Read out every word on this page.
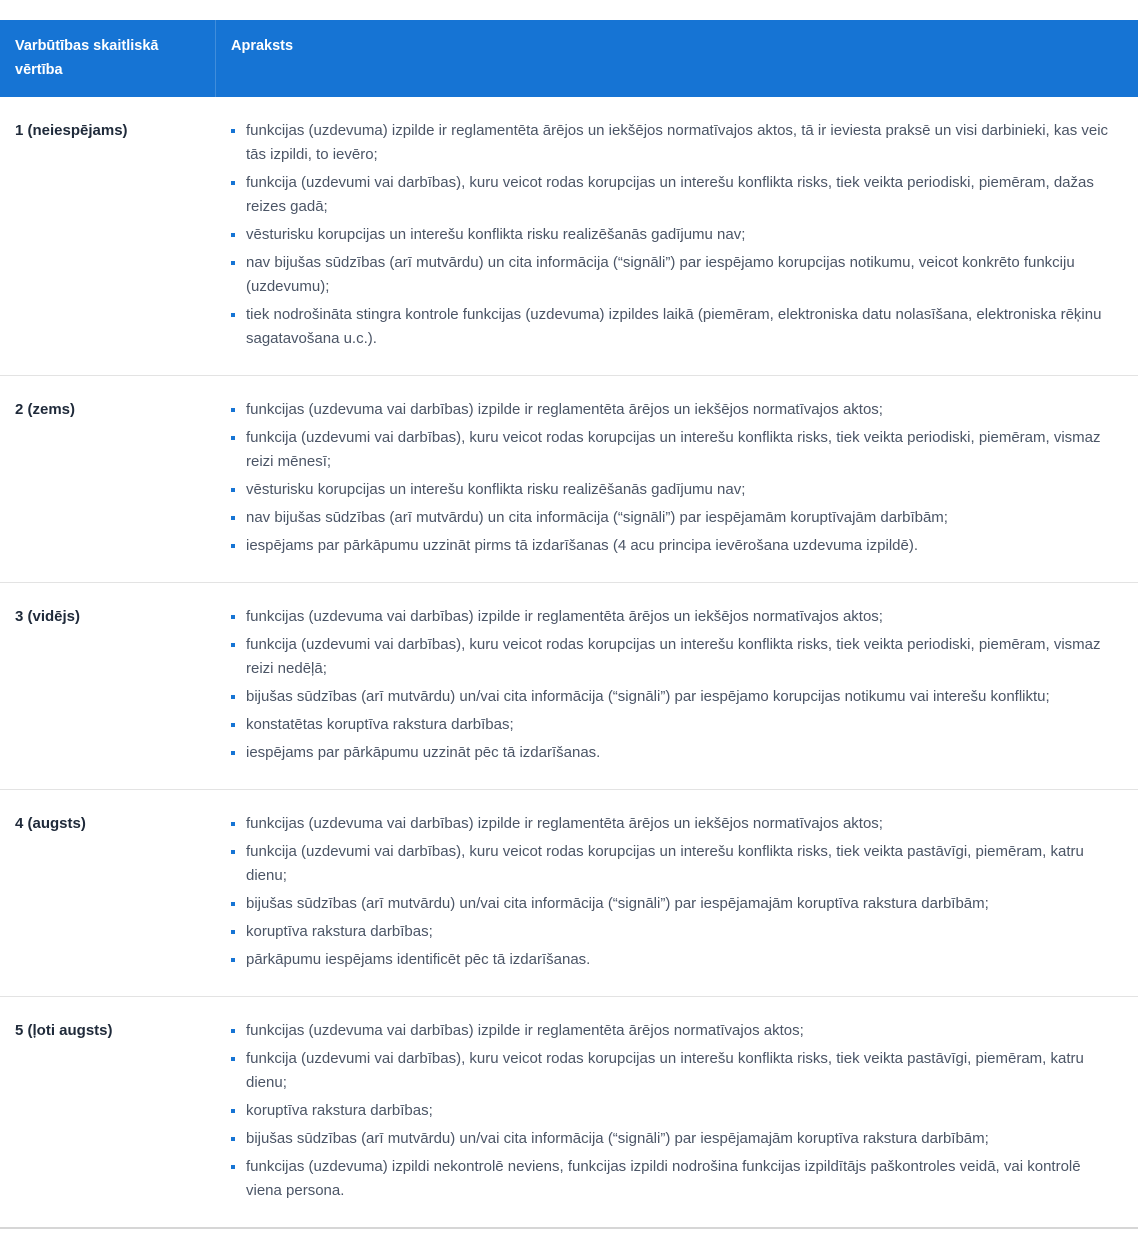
Varbūtības skaitliskā vērtība
Apraksts
1 (neiespējams)	funkcijas (uzdevuma) izpilde ir reglamentēta ārējos un iekšējos normatīvajos aktos, tā ir ieviesta praksē un visi darbinieki, kas veic tās izpildi, to ievēro;
funkcija (uzdevumi vai darbības), kuru veicot rodas korupcijas un interešu konflikta risks, tiek veikta periodiski, piemēram, dažas reizes gadā;
vēsturisku korupcijas un interešu konflikta risku realizēšanās gadījumu nav;
nav bijušas sūdzības (arī mutvārdu) un cita informācija (“signāli”) par iespējamo korupcijas notikumu, veicot konkrēto funkciju (uzdevumu);
tiek nodrošināta stingra kontrole funkcijas (uzdevuma) izpildes laikā (piemēram, elektroniska datu nolasīšana, elektroniska rēķinu sagatavošana u.c.).
2 (zems)	funkcijas (uzdevuma vai darbības) izpilde ir reglamentēta ārējos un iekšējos normatīvajos aktos;
funkcija (uzdevumi vai darbības), kuru veicot rodas korupcijas un interešu konflikta risks, tiek veikta periodiski, piemēram, vismaz reizi mēnesī;
vēsturisku korupcijas un interešu konflikta risku realizēšanās gadījumu nav;
nav bijušas sūdzības (arī mutvārdu) un cita informācija (“signāli”) par iespējamām koruptīvajām darbībām;
iespējams par pārkāpumu uzzināt pirms tā izdarīšanas (4 acu principa ievērošana uzdevuma izpildē).
3 (vidējs)	funkcijas (uzdevuma vai darbības) izpilde ir reglamentēta ārējos un iekšējos normatīvajos aktos;
funkcija (uzdevumi vai darbības), kuru veicot rodas korupcijas un interešu konflikta risks, tiek veikta periodiski, piemēram, vismaz reizi nedēļā;
bijušas sūdzības (arī mutvārdu) un/vai cita informācija (“signāli”) par iespējamo korupcijas notikumu vai interešu konfliktu;
konstatētas koruptīva rakstura darbības;
iespējams par pārkāpumu uzzināt pēc tā izdarīšanas.
4 (augsts)	funkcijas (uzdevuma vai darbības) izpilde ir reglamentēta ārējos un iekšējos normatīvajos aktos;
funkcija (uzdevumi vai darbības), kuru veicot rodas korupcijas un interešu konflikta risks, tiek veikta pastāvīgi, piemēram, katru dienu;
bijušas sūdzības (arī mutvārdu) un/vai cita informācija (“signāli”) par iespējamajām koruptīva rakstura darbībām;
koruptīva rakstura darbības;
pārkāpumu iespējams identificēt pēc tā izdarīšanas.
5 (ļoti augsts)	funkcijas (uzdevuma vai darbības) izpilde ir reglamentēta ārējos normatīvajos aktos;
funkcija (uzdevumi vai darbības), kuru veicot rodas korupcijas un interešu konflikta risks, tiek veikta pastāvīgi, piemēram, katru dienu;
koruptīva rakstura darbības;
bijušas sūdzības (arī mutvārdu) un/vai cita informācija (“signāli”) par iespējamajām koruptīva rakstura darbībām;
funkcijas (uzdevuma) izpildi nekontrolē neviens, funkcijas izpildi nodrošina funkcijas izpildītājs paškontroles veidā, vai kontrolē viena persona.
